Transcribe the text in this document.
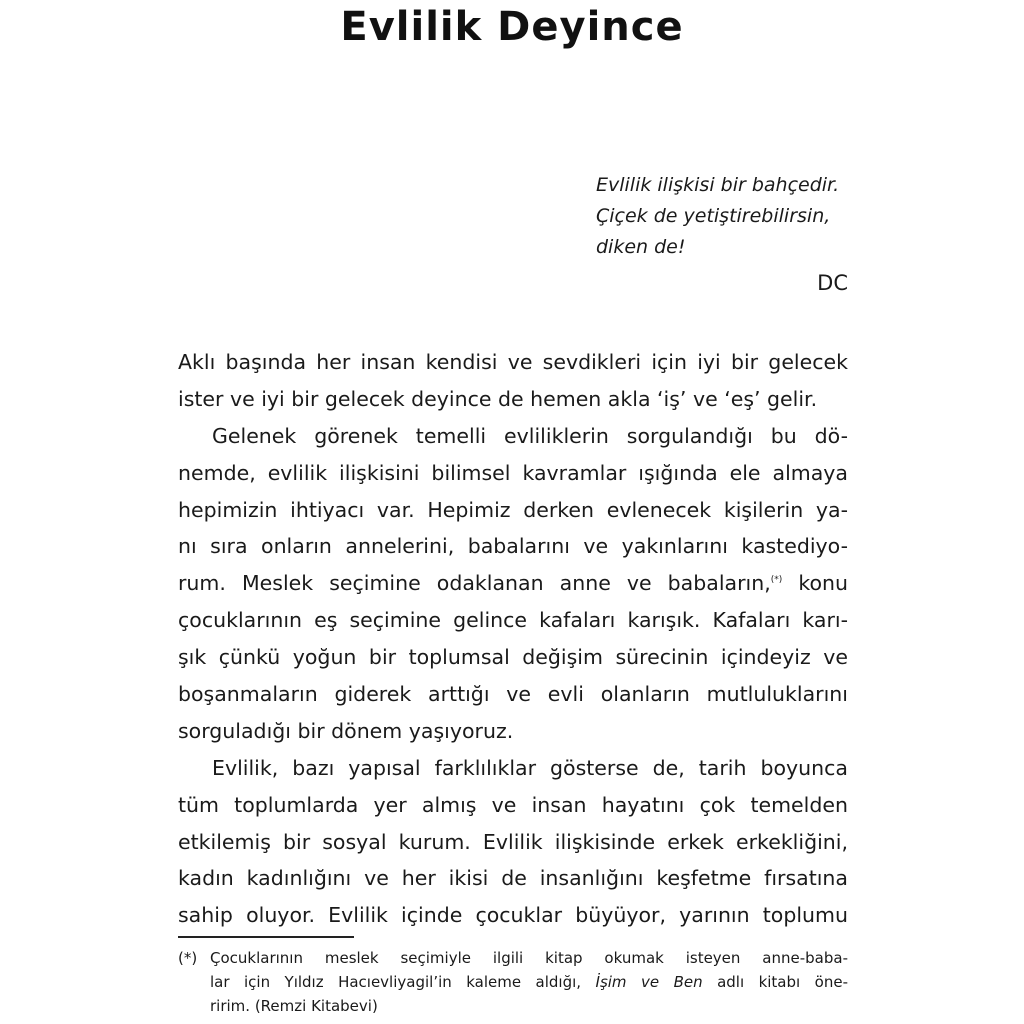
Evlilik Deyince
Evlilik ilişkisi bir bahçedir.
Çiçek de yetiştirebilirsin,
diken de!
DC
Aklı başında her insan kendisi ve sevdikleri için iyi bir gelecek
ister ve iyi bir gelecek deyince de hemen akla ‘iş’ ve ‘eş’ gelir.
Gelenek görenek temelli evliliklerin sorgulandığı bu dö-
nemde, evlilik ilişkisini bilimsel kavramlar ışığında ele almaya
hepimizin ihtiyacı var. Hepimiz derken evlenecek kişilerin ya-
nı sıra onların annelerini, babalarını ve yakınlarını kastediyo-
rum. Meslek seçimine odaklanan anne ve babaların,(*) konu
çocuklarının eş seçimine gelince kafaları karışık. Kafaları karı-
şık çünkü yoğun bir toplumsal değişim sürecinin içindeyiz ve
boşanmaların giderek arttığı ve evli olanların mutluluklarını
sorguladığı bir dönem yaşıyoruz.
Evlilik, bazı yapısal farklılıklar gösterse de, tarih boyunca
tüm toplumlarda yer almış ve insan hayatını çok temelden
etkilemiş bir sosyal kurum. Evlilik ilişkisinde erkek erkekliğini,
kadın kadınlığını ve her ikisi de insanlığını keşfetme fırsatına
sahip oluyor. Evlilik içinde çocuklar büyüyor, yarının toplumu
(*) Çocuklarının meslek seçimiyle ilgili kitap okumak isteyen anne-baba-
lar için Yıldız Hacıevliyagil’in kaleme aldığı, İşim ve Ben adlı kitabı öne-
ririm. (Remzi Kitabevi)
